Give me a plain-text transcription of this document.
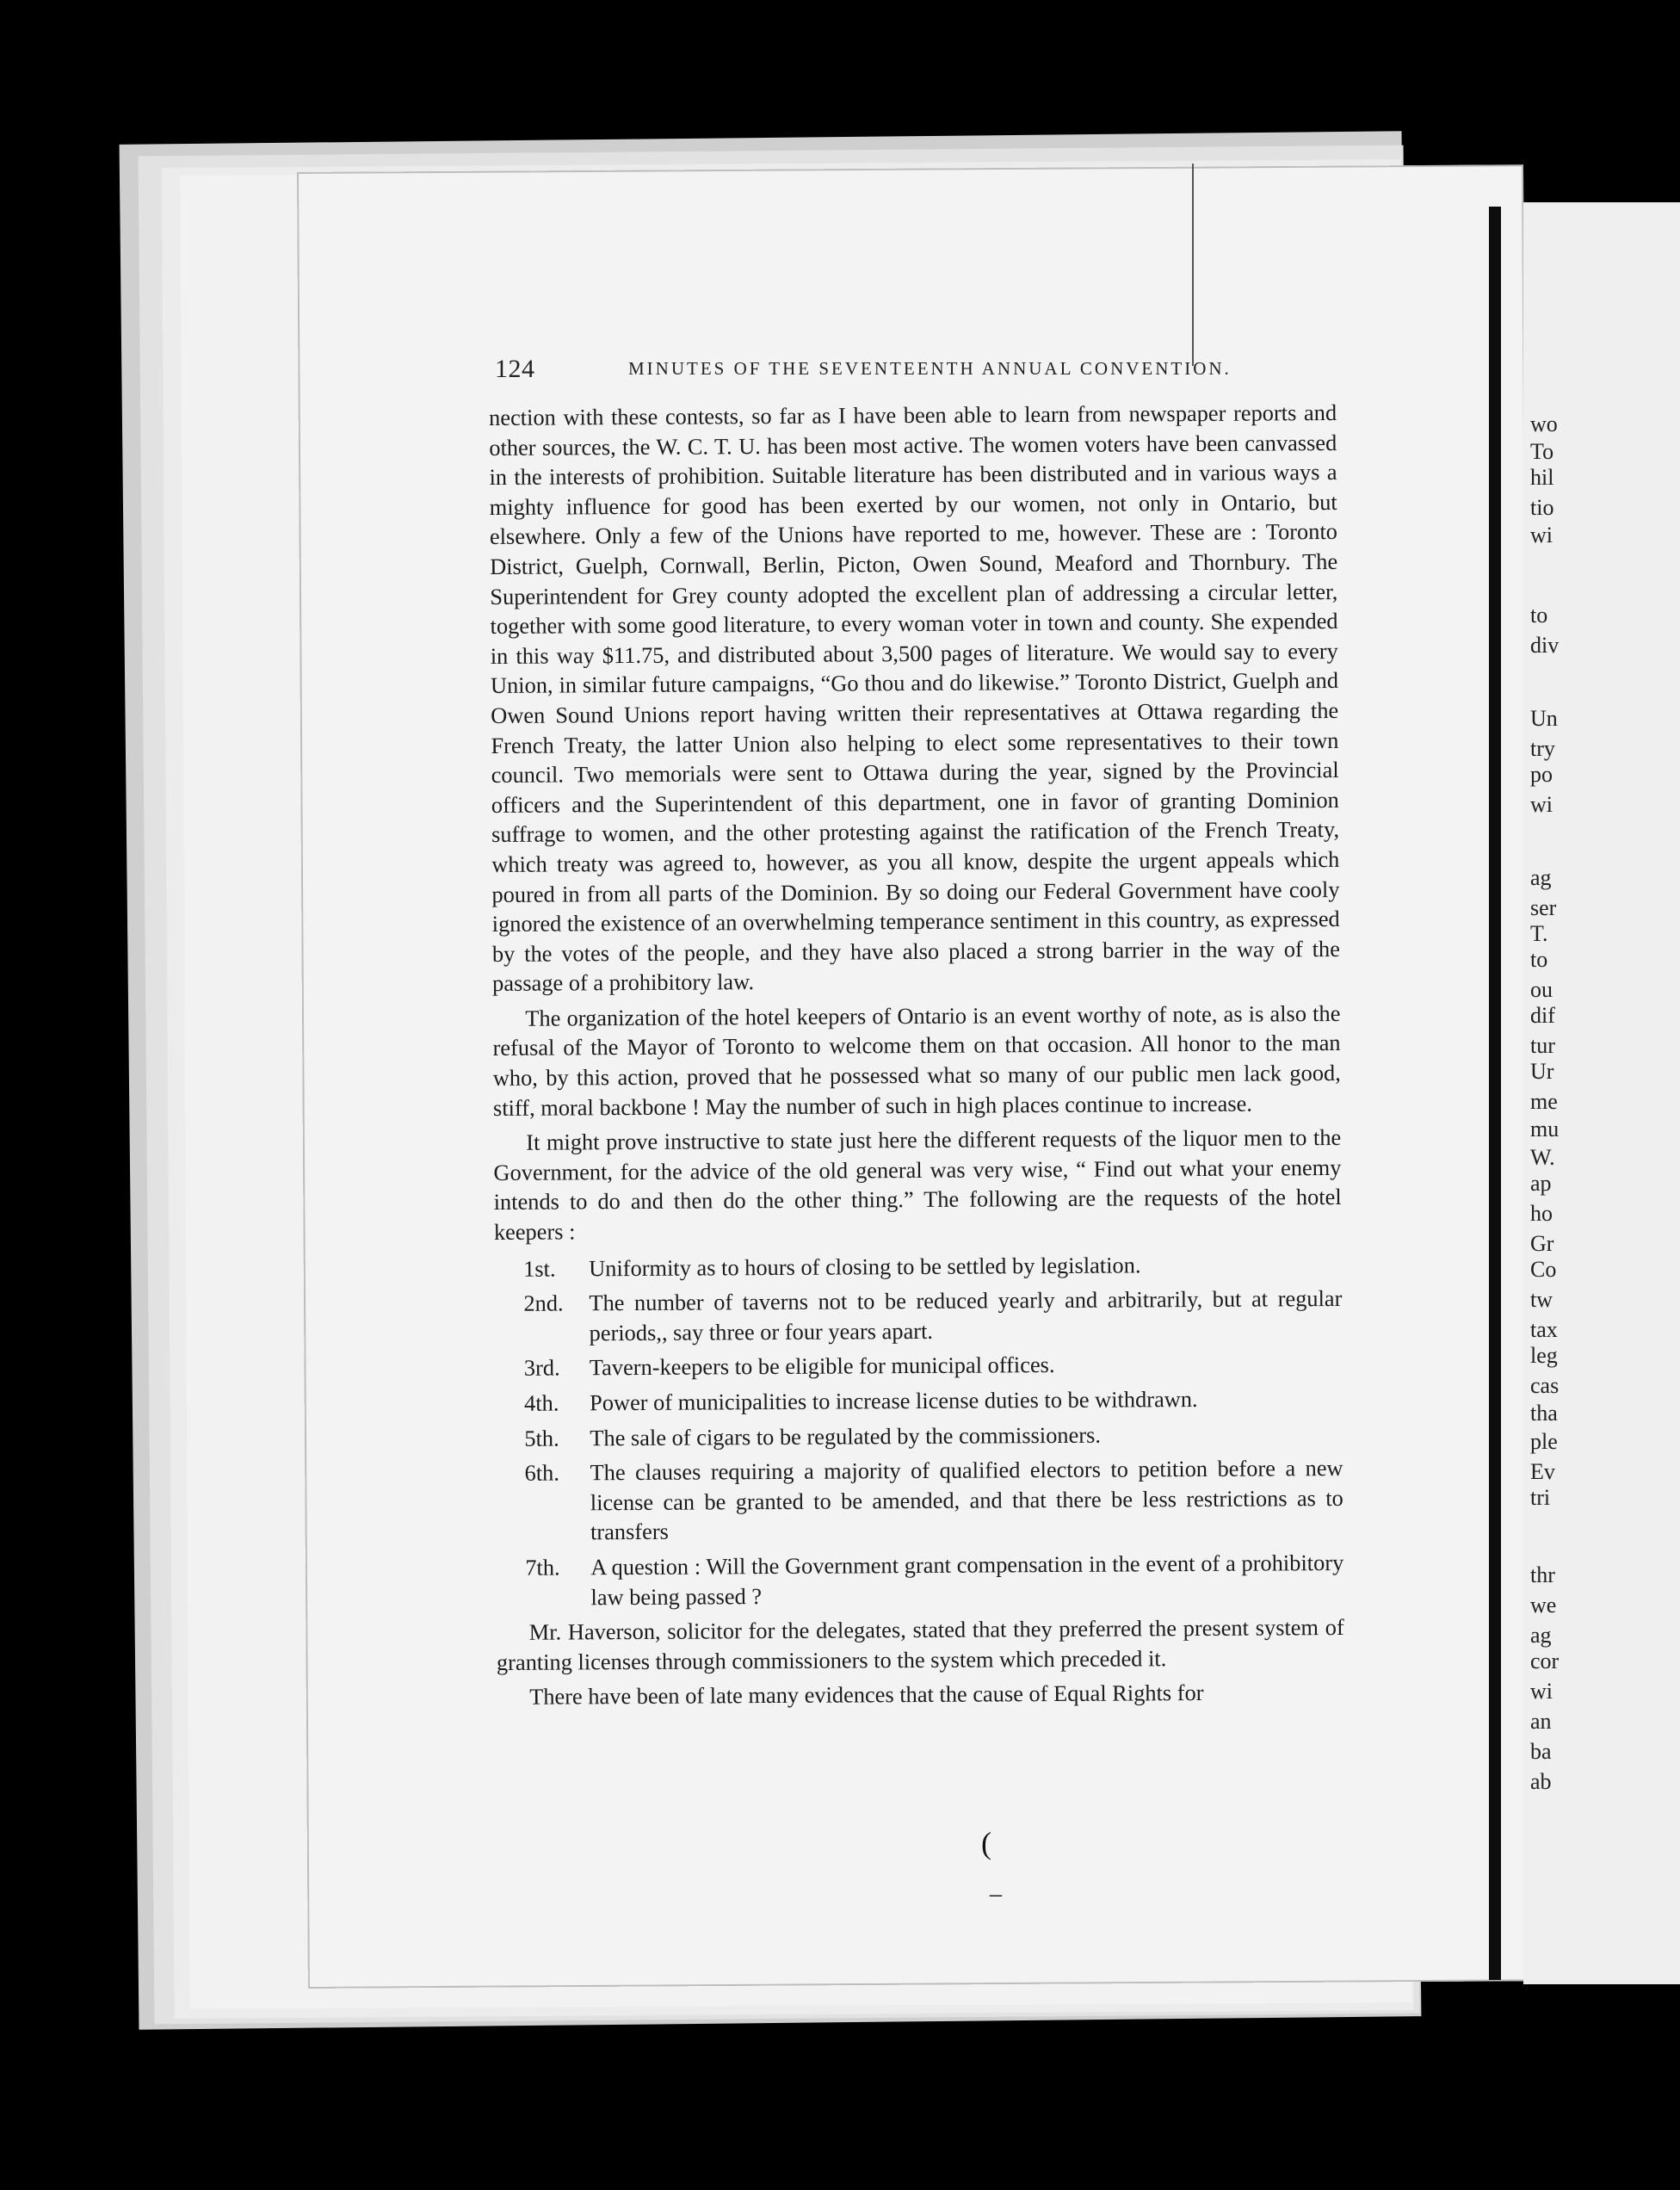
wo
To
hil
tio
wi
to
div
Un
try
po
wi
ag
ser
T.
to
ou
dif
tur
Ur
me
mu
W.
ap
ho
Gr
Co
tw
tax
leg
cas
tha
ple
Ev
tri
thr
we
ag
cor
wi
an
ba
ab
124	MINUTES OF THE SEVENTEENTH ANNUAL CONVENTION.

nection with these contests, so far as I have been able to learn from newspaper reports and other sources, the W. C. T. U. has been most active. The women voters have been canvassed in the interests of prohibition. Suitable literature has been distributed and in various ways a mighty influence for good has been exerted by our women, not only in Ontario, but elsewhere. Only a few of the Unions have reported to me, however. These are : Toronto District, Guelph, Cornwall, Berlin, Picton, Owen Sound, Meaford and Thornbury. The Superintendent for Grey county adopted the excellent plan of addressing a circular letter, together with some good literature, to every woman voter in town and county. She expended in this way $11.75, and distributed about 3,500 pages of literature. We would say to every Union, in similar future campaigns, “Go thou and do likewise.” Toronto District, Guelph and Owen Sound Unions report having written their representatives at Ottawa regarding the French Treaty, the latter Union also helping to elect some representatives to their town council. Two memorials were sent to Ottawa during the year, signed by the Provincial officers and the Superintendent of this department, one in favor of granting Dominion suffrage to women, and the other protesting against the ratification of the French Treaty, which treaty was agreed to, however, as you all know, despite the urgent appeals which poured in from all parts of the Dominion. By so doing our Federal Government have cooly ignored the existence of an overwhelming temperance sentiment in this country, as expressed by the votes of the people, and they have also placed a strong barrier in the way of the passage of a prohibitory law.

The organization of the hotel keepers of Ontario is an event worthy of note, as is also the refusal of the Mayor of Toronto to welcome them on that occasion. All honor to the man who, by this action, proved that he possessed what so many of our public men lack good, stiff, moral backbone ! May the number of such in high places continue to increase.

It might prove instructive to state just here the different requests of the liquor men to the Government, for the advice of the old general was very wise, “ Find out what your enemy intends to do and then do the other thing.” The following are the requests of the hotel keepers :

1st. Uniformity as to hours of closing to be settled by legislation.
2nd. The number of taverns not to be reduced yearly and arbitrarily, but at regular periods,, say three or four years apart.
3rd. Tavern-keepers to be eligible for municipal offices.
4th. Power of municipalities to increase license duties to be withdrawn.
5th. The sale of cigars to be regulated by the commissioners.
6th. The clauses requiring a majority of qualified electors to petition before a new license can be granted to be amended, and that there be less restrictions as to transfers
7th. A question : Will the Government grant compensation in the event of a prohibitory law being passed ?

Mr. Haverson, solicitor for the delegates, stated that they preferred the present system of granting licenses through commissioners to the system which preceded it.

There have been of late many evidences that the cause of Equal Rights for

(
–
